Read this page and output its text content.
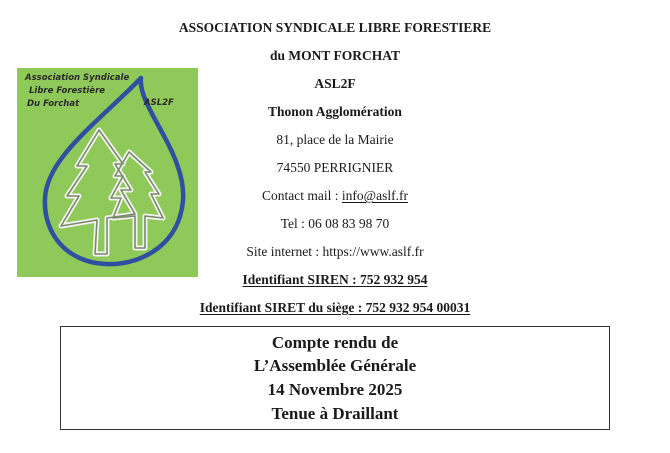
ASSOCIATION SYNDICALE LIBRE FORESTIERE
du MONT FORCHAT
ASL2F
Thonon Agglomération
81, place de la Mairie
74550 PERRIGNIER
Contact mail : info@aslf.fr
Tel : 06 08 83 98 70
Site internet : https://www.aslf.fr
Identifiant SIREN : 752 932 954
Identifiant SIRET du siège : 752 932 954 00031
Association Syndicale
Libre Forestière
Du Forchat	ASL2F
Compte rendu de
L’Assemblée Générale
14 Novembre 2025
Tenue à Draillant
